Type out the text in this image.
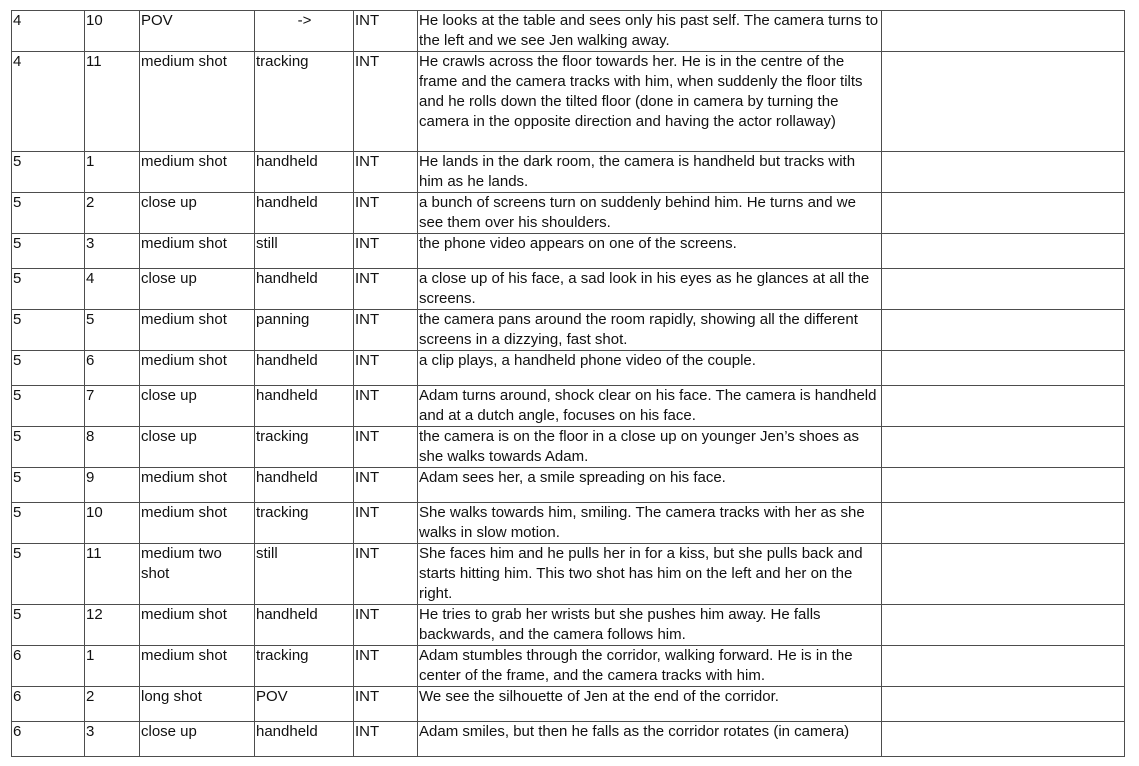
4	10	POV	->	INT	He looks at the table and sees only his past self. The camera turns to the left and we see Jen walking away.	
4	11	medium shot	tracking	INT	He crawls across the floor towards her. He is in the centre of the frame and the camera tracks with him, when suddenly the floor tilts and he rolls down the tilted floor (done in camera by turning the camera in the opposite direction and having the actor rollaway)	
5	1	medium shot	handheld	INT	He lands in the dark room, the camera is handheld but tracks with him as he lands.	
5	2	close up	handheld	INT	a bunch of screens turn on suddenly behind him. He turns and we see them over his shoulders.	
5	3	medium shot	still	INT	the phone video appears on one of the screens.	
5	4	close up	handheld	INT	a close up of his face, a sad look in his eyes as he glances at all the screens.	
5	5	medium shot	panning	INT	the camera pans around the room rapidly, showing all the different screens in a dizzying, fast shot.	
5	6	medium shot	handheld	INT	a clip plays, a handheld phone video of the couple.	
5	7	close up	handheld	INT	Adam turns around, shock clear on his face. The camera is handheld and at a dutch angle, focuses on his face.	
5	8	close up	tracking	INT	the camera is on the floor in a close up on younger Jen’s shoes as she walks towards Adam.	
5	9	medium shot	handheld	INT	Adam sees her, a smile spreading on his face.	
5	10	medium shot	tracking	INT	She walks towards him, smiling. The camera tracks with her as she walks in slow motion.	
5	11	medium two shot	still	INT	She faces him and he pulls her in for a kiss, but she pulls back and starts hitting him. This two shot has him on the left and her on the right.	
5	12	medium shot	handheld	INT	He tries to grab her wrists but she pushes him away. He falls backwards, and the camera follows him.	
6	1	medium shot	tracking	INT	Adam stumbles through the corridor, walking forward. He is in the center of the frame, and the camera tracks with him.	
6	2	long shot	POV	INT	We see the silhouette of Jen at the end of the corridor.	
6	3	close up	handheld	INT	Adam smiles, but then he falls as the corridor rotates (in camera)	
